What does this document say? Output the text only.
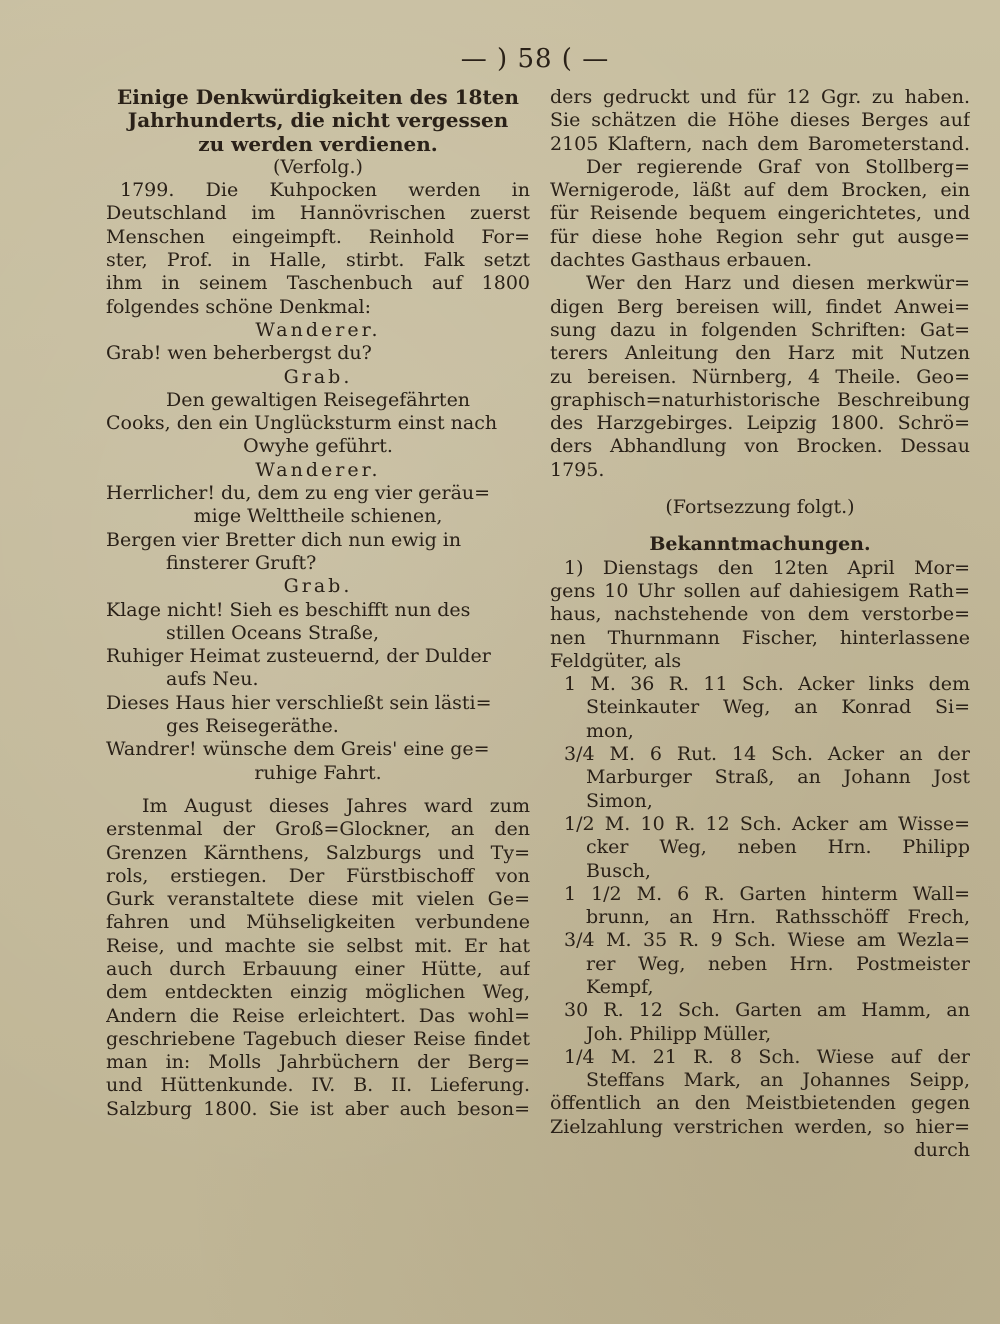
— ) 58 ( —
Einige Denkwürdigkeiten des 18ten
Jahrhunderts, die nicht vergessen
zu werden verdienen.
(Verfolg.)
1799. Die Kuhpocken werden in
Deutschland im Hannövrischen zuerst
Menschen eingeimpft. Reinhold For=
ster, Prof. in Halle, stirbt. Falk setzt
ihm in seinem Taschenbuch auf 1800
folgendes schöne Denkmal:
Wanderer.
Grab! wen beherbergst du?
Grab.
Den gewaltigen Reisegefährten
Cooks, den ein Unglücksturm einst nach
Owyhe geführt.
Wanderer.
Herrlicher! du, dem zu eng vier geräu=
mige Welttheile schienen,
Bergen vier Bretter dich nun ewig in
finsterer Gruft?
Grab.
Klage nicht! Sieh es beschifft nun des
stillen Oceans Straße,
Ruhiger Heimat zusteuernd, der Dulder
aufs Neu.
Dieses Haus hier verschließt sein lästi=
ges Reisegeräthe.
Wandrer! wünsche dem Greis' eine ge=
ruhige Fahrt.
Im August dieses Jahres ward zum
erstenmal der Groß=Glockner, an den
Grenzen Kärnthens, Salzburgs und Ty=
rols, erstiegen. Der Fürstbischoff von
Gurk veranstaltete diese mit vielen Ge=
fahren und Mühseligkeiten verbundene
Reise, und machte sie selbst mit. Er hat
auch durch Erbauung einer Hütte, auf
dem entdeckten einzig möglichen Weg,
Andern die Reise erleichtert. Das wohl=
geschriebene Tagebuch dieser Reise findet
man in: Molls Jahrbüchern der Berg=
und Hüttenkunde. IV. B. II. Lieferung.
Salzburg 1800. Sie ist aber auch beson=
ders gedruckt und für 12 Ggr. zu haben.
Sie schätzen die Höhe dieses Berges auf
2105 Klaftern, nach dem Barometerstand.
Der regierende Graf von Stollberg=
Wernigerode, läßt auf dem Brocken, ein
für Reisende bequem eingerichtetes, und
für diese hohe Region sehr gut ausge=
dachtes Gasthaus erbauen.
Wer den Harz und diesen merkwür=
digen Berg bereisen will, findet Anwei=
sung dazu in folgenden Schriften: Gat=
terers Anleitung den Harz mit Nutzen
zu bereisen. Nürnberg, 4 Theile. Geo=
graphisch=naturhistorische Beschreibung
des Harzgebirges. Leipzig 1800. Schrö=
ders Abhandlung von Brocken. Dessau
1795.
(Fortsezzung folgt.)
Bekanntmachungen.
1) Dienstags den 12ten April Mor=
gens 10 Uhr sollen auf dahiesigem Rath=
haus, nachstehende von dem verstorbe=
nen Thurnmann Fischer, hinterlassene
Feldgüter, als
1 M. 36 R. 11 Sch. Acker links dem
Steinkauter Weg, an Konrad Si=
mon,
3/4 M. 6 Rut. 14 Sch. Acker an der
Marburger Straß, an Johann Jost
Simon,
1/2 M. 10 R. 12 Sch. Acker am Wisse=
cker Weg, neben Hrn. Philipp
Busch,
1 1/2 M. 6 R. Garten hinterm Wall=
brunn, an Hrn. Rathsschöff Frech,
3/4 M. 35 R. 9 Sch. Wiese am Wezla=
rer Weg, neben Hrn. Postmeister
Kempf,
30 R. 12 Sch. Garten am Hamm, an
Joh. Philipp Müller,
1/4 M. 21 R. 8 Sch. Wiese auf der
Steffans Mark, an Johannes Seipp,
öffentlich an den Meistbietenden gegen
Zielzahlung verstrichen werden, so hier=
durch
